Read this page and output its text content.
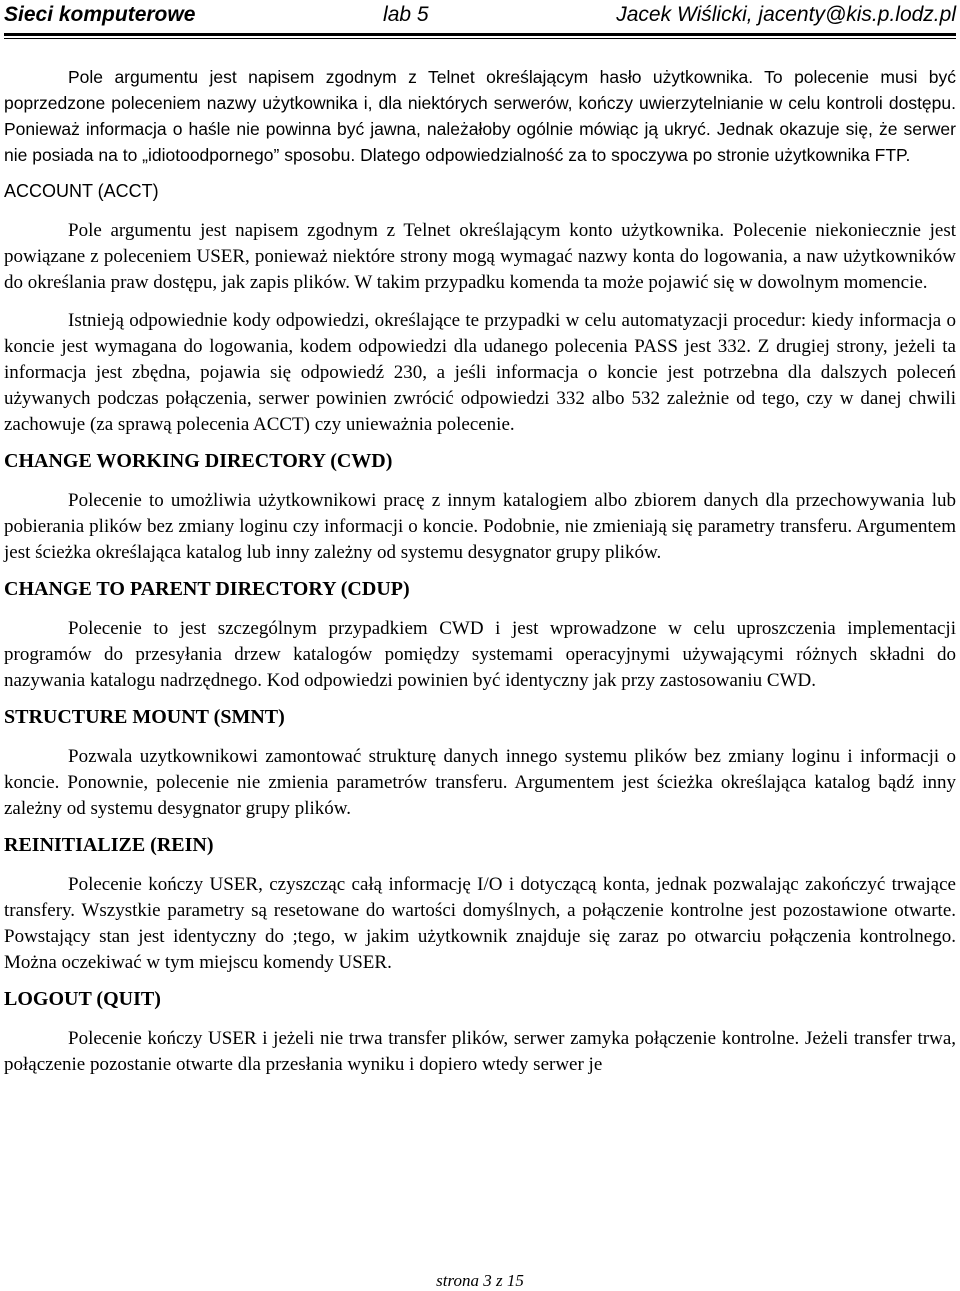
Sieci komputerowe	lab 5	Jacek Wiślicki, jacenty@kis.p.lodz.pl

Pole argumentu jest napisem zgodnym z Telnet określającym hasło użytkownika. To polecenie musi być poprzedzone poleceniem nazwy użytkownika i, dla niektórych serwerów, kończy uwierzytelnianie w celu kontroli dostępu. Ponieważ informacja o haśle nie powinna być jawna, należałoby ogólnie mówiąc ją ukryć. Jednak okazuje się, że serwer nie posiada na to „idiotoodpornego” sposobu. Dlatego odpowiedzialność za to spoczywa po stronie użytkownika FTP.

ACCOUNT (ACCT)

Pole argumentu jest napisem zgodnym z Telnet określającym konto użytkownika. Polecenie niekoniecznie jest powiązane z poleceniem USER, ponieważ niektóre strony mogą wymagać nazwy konta do logowania, a naw użytkowników do określania praw dostępu, jak zapis plików. W takim przypadku komenda ta może pojawić się w dowolnym momencie.

Istnieją odpowiednie kody odpowiedzi, określające te przypadki w celu automatyzacji procedur: kiedy informacja o koncie jest wymagana do logowania, kodem odpowiedzi dla udanego polecenia PASS jest 332. Z drugiej strony, jeżeli ta informacja jest zbędna, pojawia się odpowiedź 230, a jeśli informacja o koncie jest potrzebna dla dalszych poleceń używanych podczas połączenia, serwer powinien zwrócić odpowiedzi 332 albo 532 zależnie od tego, czy w danej chwili zachowuje (za sprawą polecenia ACCT) czy unieważnia polecenie.

CHANGE WORKING DIRECTORY (CWD)

Polecenie to umożliwia użytkownikowi pracę z innym katalogiem albo zbiorem danych dla przechowywania lub pobierania plików bez zmiany loginu czy informacji o koncie. Podobnie, nie zmieniają się parametry transferu. Argumentem jest ścieżka określająca katalog lub inny zależny od systemu desygnator grupy plików.

CHANGE TO PARENT DIRECTORY (CDUP)

Polecenie to jest szczególnym przypadkiem CWD i jest wprowadzone w celu uproszczenia implementacji programów do przesyłania drzew katalogów pomiędzy systemami operacyjnymi używającymi różnych składni do nazywania katalogu nadrzędnego. Kod odpowiedzi powinien być identyczny jak przy zastosowaniu CWD.

STRUCTURE MOUNT (SMNT)

Pozwala uzytkownikowi zamontować strukturę danych innego systemu plików bez zmiany loginu i informacji o koncie. Ponownie, polecenie nie zmienia parametrów transferu. Argumentem jest ścieżka określająca katalog bądź inny zależny od systemu desygnator grupy plików.

REINITIALIZE (REIN)

Polecenie kończy USER, czyszcząc całą informację I/O i dotyczącą konta, jednak pozwalając zakończyć trwające transfery. Wszystkie parametry są resetowane do wartości domyślnych, a połączenie kontrolne jest pozostawione otwarte. Powstający stan jest identyczny do ;tego, w jakim użytkownik znajduje się zaraz po otwarciu połączenia kontrolnego. Można oczekiwać w tym miejscu komendy USER.

LOGOUT (QUIT)

Polecenie kończy USER i jeżeli nie trwa transfer plików, serwer zamyka połączenie kontrolne. Jeżeli transfer trwa, połączenie pozostanie otwarte dla przesłania wyniku i dopiero wtedy serwer je

strona 3 z 15
